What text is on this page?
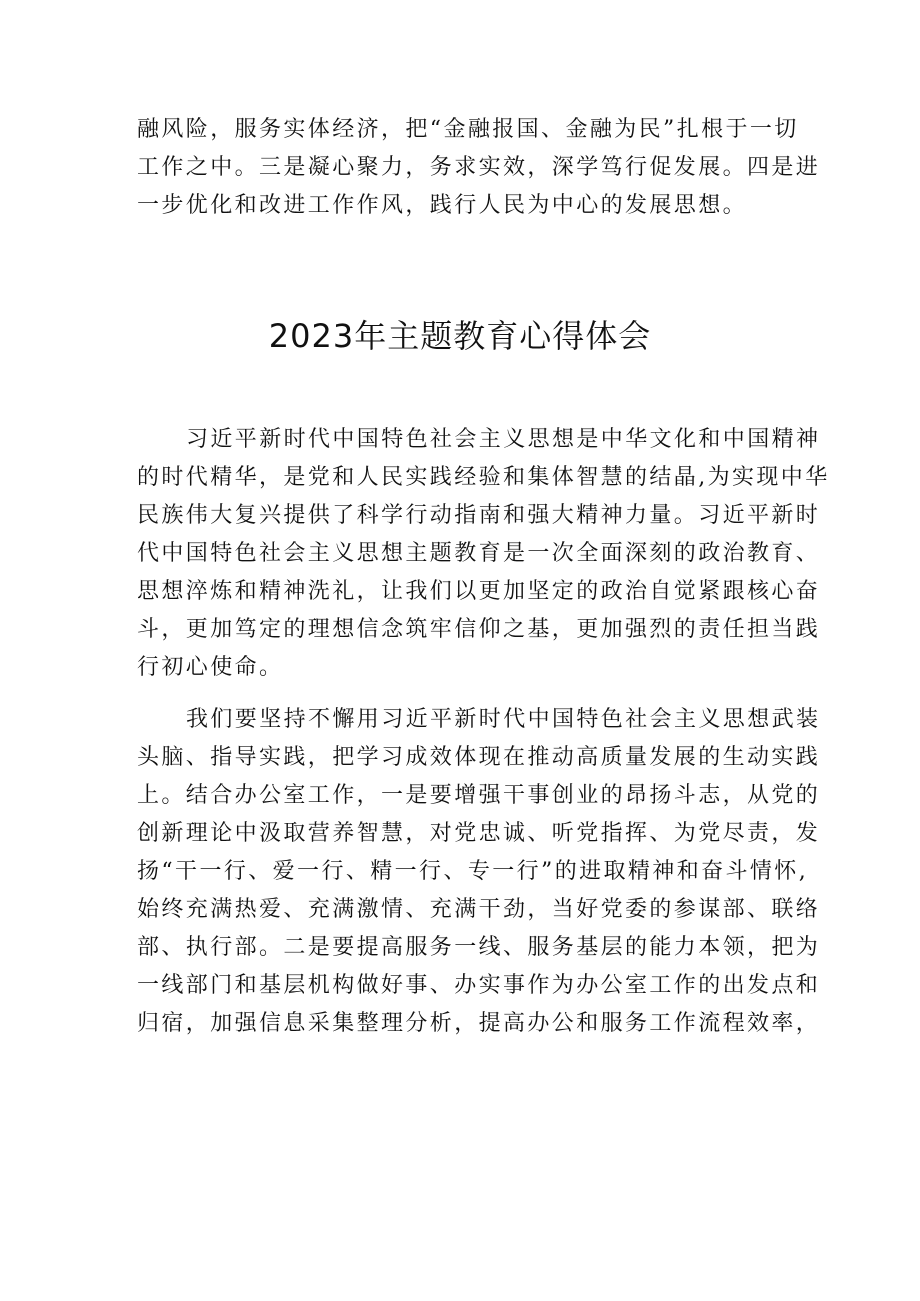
融风险，服务实体经济，把“金融报国、金融为民”扎根于一切
工作之中。三是凝心聚力，务求实效，深学笃行促发展。四是进
一步优化和改进工作作风，践行人民为中心的发展思想。
2023年主题教育心得体会
习近平新时代中国特色社会主义思想是中华文化和中国精神
的时代精华，是党和人民实践经验和集体智慧的结晶,为实现中华
民族伟大复兴提供了科学行动指南和强大精神力量。习近平新时
代中国特色社会主义思想主题教育是一次全面深刻的政治教育、
思想淬炼和精神洗礼，让我们以更加坚定的政治自觉紧跟核心奋
斗，更加笃定的理想信念筑牢信仰之基，更加强烈的责任担当践
行初心使命。
我们要坚持不懈用习近平新时代中国特色社会主义思想武装
头脑、指导实践，把学习成效体现在推动高质量发展的生动实践
上。结合办公室工作，一是要增强干事创业的昂扬斗志，从党的
创新理论中汲取营养智慧，对党忠诚、听党指挥、为党尽责，发
扬“干一行、爱一行、精一行、专一行”的进取精神和奋斗情怀,
始终充满热爱、充满激情、充满干劲，当好党委的参谋部、联络
部、执行部。二是要提高服务一线、服务基层的能力本领，把为
一线部门和基层机构做好事、办实事作为办公室工作的出发点和
归宿，加强信息采集整理分析，提高办公和服务工作流程效率，
